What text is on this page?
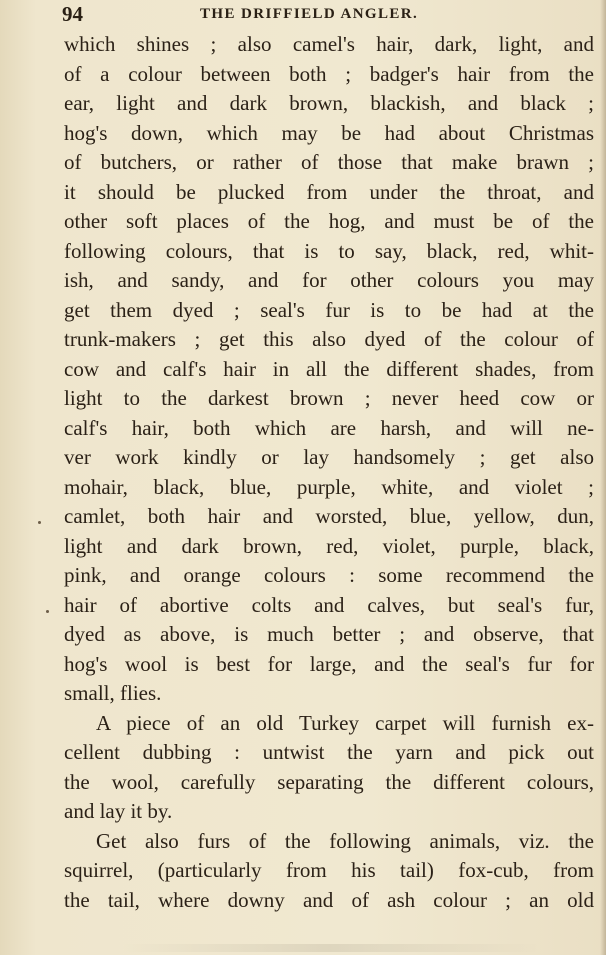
94	THE DRIFFIELD ANGLER.
which shines ; also camel's hair, dark, light, and
of a colour between both ; badger's hair from the
ear, light and dark brown, blackish, and black ;
hog's down, which may be had about Christmas
of butchers, or rather of those that make brawn ;
it should be plucked from under the throat, and
other soft places of the hog, and must be of the
following colours, that is to say, black, red, whit-
ish, and sandy, and for other colours you may
get them dyed ; seal's fur is to be had at the
trunk-makers ; get this also dyed of the colour of
cow and calf's hair in all the different shades, from
light to the darkest brown ; never heed cow or
calf's hair, both which are harsh, and will ne-
ver work kindly or lay handsomely ; get also
mohair, black, blue, purple, white, and violet ;
camlet, both hair and worsted, blue, yellow, dun,
light and dark brown, red, violet, purple, black,
pink, and orange colours : some recommend the
hair of abortive colts and calves, but seal's fur,
dyed as above, is much better ; and observe, that
hog's wool is best for large, and the seal's fur for
small, flies.
A piece of an old Turkey carpet will furnish ex-
cellent dubbing : untwist the yarn and pick out
the wool, carefully separating the different colours,
and lay it by.
Get also furs of the following animals, viz. the
squirrel, (particularly from his tail) fox-cub, from
the tail, where downy and of ash colour ; an old
